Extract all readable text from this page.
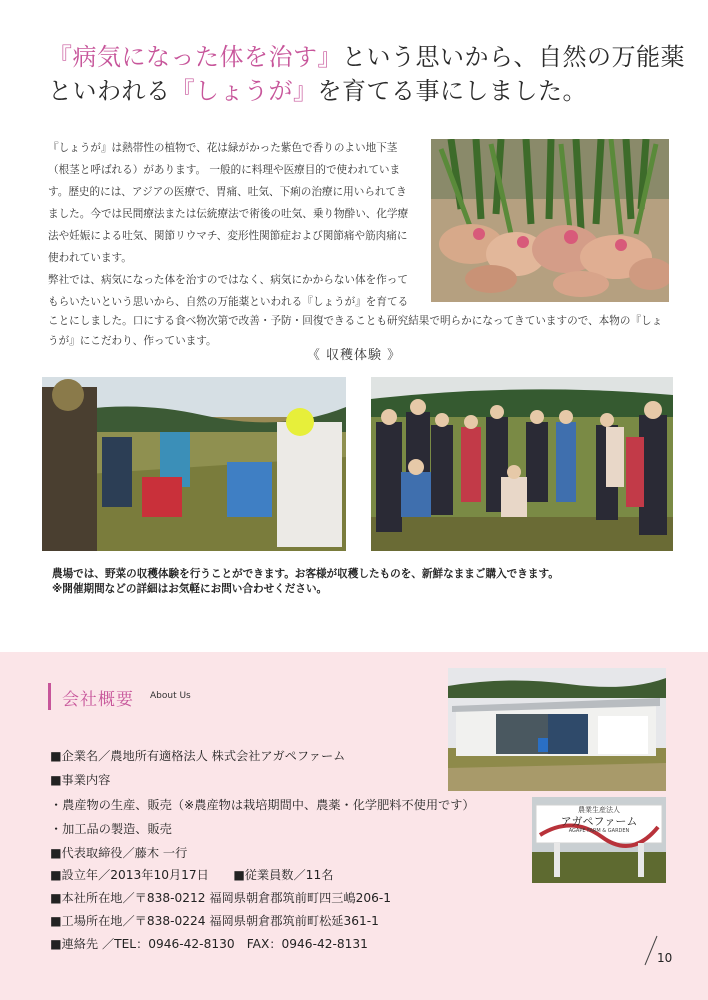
『病気になった体を治す』という思いから、自然の万能薬
といわれる『しょうが』を育てる事にしました。
『しょうが』は熱帯性の植物で、花は緑がかった紫色で香りのよい地下茎
（根茎と呼ばれる）があります。 一般的に料理や医療目的で使われていま
す。歴史的には、アジアの医療で、胃痛、吐気、下痢の治療に用いられてき
ました。今では民間療法または伝統療法で術後の吐気、乗り物酔い、化学療
法や妊娠による吐気、関節リウマチ、変形性関節症および関節痛や筋肉痛に
使われています。
弊社では、病気になった体を治すのではなく、病気にかからない体を作って
もらいたいという思いから、自然の万能薬といわれる『しょうが』を育てる
ことにしました。口にする食べ物次第で改善・予防・回復できることも研究結果で明らかになってきていますので、本物の『しょ
うが』にこだわり、作っています。
《 収穫体験 》
農場では、野菜の収穫体験を行うことができます。お客様が収穫したものを、新鮮なままご購入できます。
※開催期間などの詳細はお気軽にお問い合わせください。
会社概要 About Us
■企業名／農地所有適格法人 株式会社アガペファーム
■事業内容
・農産物の生産、販売（※農産物は栽培期間中、農薬・化学肥料不使用です）
・加工品の製造、販売
■代表取締役／藤木 一行
■設立年／2013年10月17日　　■従業員数／11名
■本社所在地／〒838-0212 福岡県朝倉郡筑前町四三嶋206-1
■工場所在地／〒838-0224 福岡県朝倉郡筑前町松延361-1
■連絡先 ／TEL：0946-42-8130　FAX：0946-42-8131
農業生産法人
アガペファーム
AGAPE FARM & GARDEN
10
